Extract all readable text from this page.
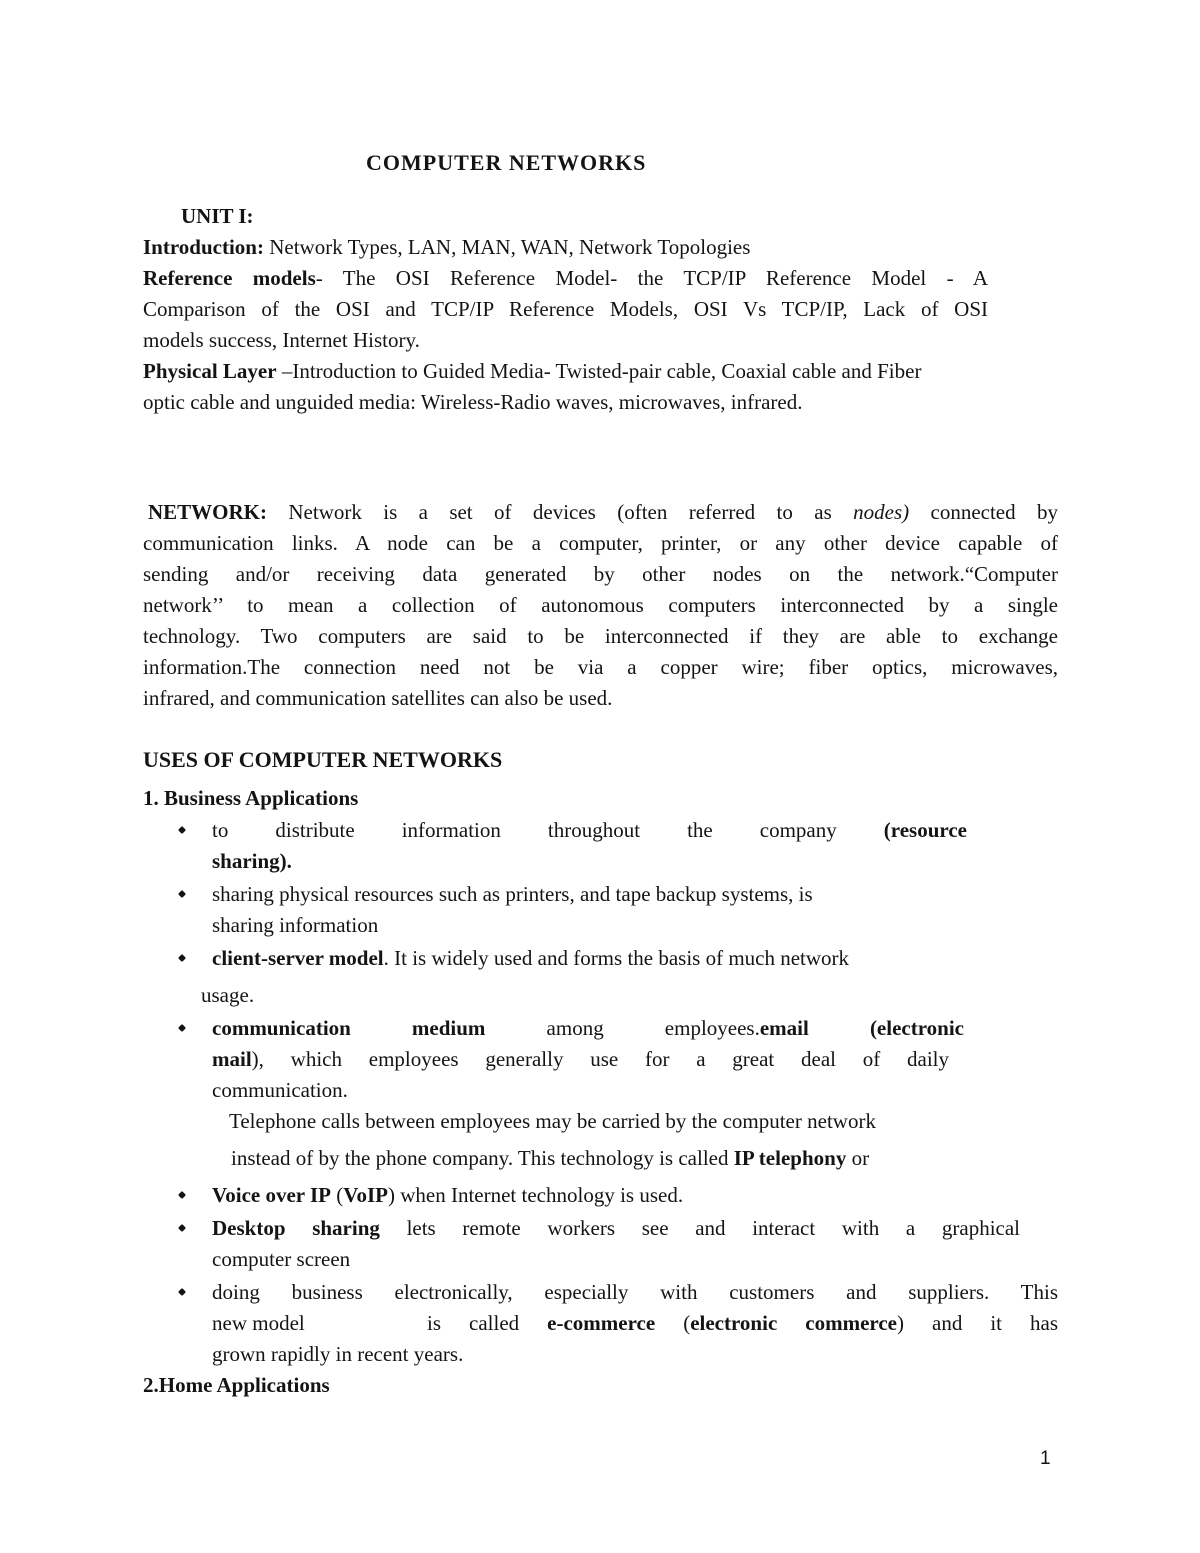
COMPUTER NETWORKS
UNIT I:
Introduction: Network Types, LAN, MAN, WAN, Network Topologies
Reference models- The OSI Reference Model- the TCP/IP Reference Model - A
Comparison of the OSI and TCP/IP Reference Models, OSI Vs TCP/IP, Lack of OSI
models success, Internet History.
Physical Layer –Introduction to Guided Media- Twisted-pair cable, Coaxial cable and Fiber
optic cable and unguided media: Wireless-Radio waves, microwaves, infrared.
NETWORK: Network is a set of devices (often referred to as nodes) connected by
communication links. A node can be a computer, printer, or any other device capable of
sending and/or receiving data generated by other nodes on the network.“Computer
network’’ to mean a collection of autonomous computers interconnected by a single
technology. Two computers are said to be interconnected if they are able to exchange
information.The connection need not be via a copper wire; fiber optics, microwaves,
infrared, and communication satellites can also be used.
USES OF COMPUTER NETWORKS
1. Business Applications
to distribute information throughout the company (resource
sharing).
sharing physical resources such as printers, and tape backup systems, is
sharing information
client-server model. It is widely used and forms the basis of much network
usage.
communication medium among employees.email (electronic
mail), which employees generally use for a great deal of daily
communication.
Telephone calls between employees may be carried by the computer network
instead of by the phone company. This technology is called IP telephony or
Voice over IP (VoIP) when Internet technology is used.
Desktop sharing lets remote workers see and interact with a graphical
computer screen
doing business electronically, especially with customers and suppliers. This
new model	is called e-commerce (electronic commerce) and it has
grown rapidly in recent years.
2.Home Applications
1
